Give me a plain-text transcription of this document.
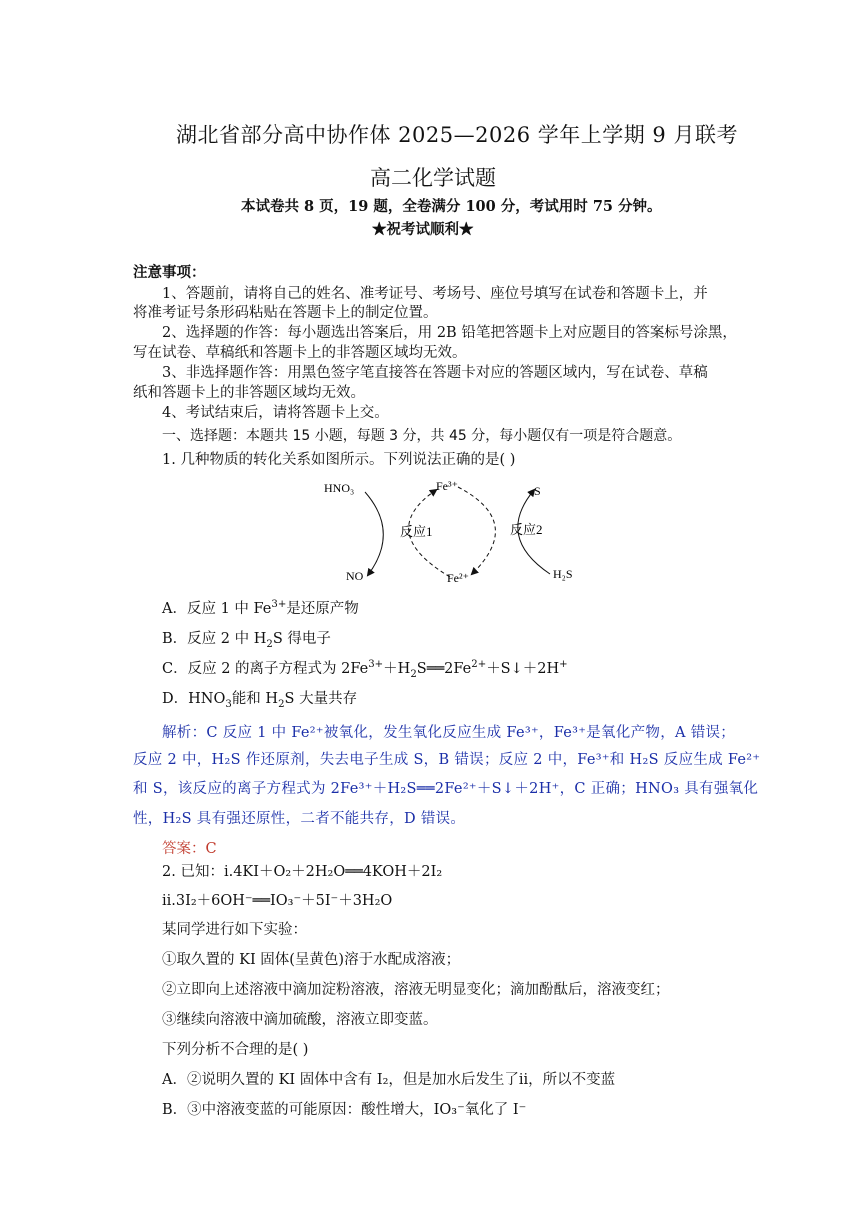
湖北省部分高中协作体 2025—2026 学年上学期 9 月联考
高二化学试题
本试卷共 8 页，19 题，全卷满分 100 分，考试用时 75 分钟。
★祝考试顺利★
注意事项：
1、答题前，请将自己的姓名、准考证号、考场号、座位号填写在试卷和答题卡上，并
将准考证号条形码粘贴在答题卡上的制定位置。
2、选择题的作答：每小题选出答案后，用 2B 铅笔把答题卡上对应题目的答案标号涂黑，
写在试卷、草稿纸和答题卡上的非答题区域均无效。
3、非选择题作答：用黑色签字笔直接答在答题卡对应的答题区域内，写在试卷、草稿
纸和答题卡上的非答题区域均无效。
4、考试结束后，请将答题卡上交。
一、选择题：本题共 15 小题，每题 3 分，共 45 分，每小题仅有一项是符合题意。
1. 几种物质的转化关系如图所示。下列说法正确的是( )
HNO₃
NO
Fe³⁺
Fe²⁺
S
H₂S
反应1	反应2
A．反应 1 中 $Fe^{3+}$是还原产物
B．反应 2 中 $H_2S$ 得电子
C．反应 2 的离子方程式为 $2Fe^{3+}+H_2S══2Fe^{2+}+S↓+2H^+$
D．$HNO_3$能和 $H_2S$ 大量共存
解析：C 反应 1 中 Fe²⁺被氧化，发生氧化反应生成 Fe³⁺，Fe³⁺是氧化产物，A 错误；
反应 2 中，H₂S 作还原剂，失去电子生成 S，B 错误；反应 2 中，Fe³⁺和 H₂S 反应生成 Fe²⁺
和 S，该反应的离子方程式为 2Fe³⁺＋H₂S══2Fe²⁺＋S↓＋2H⁺，C 正确；HNO₃ 具有强氧化
性，H₂S 具有强还原性，二者不能共存，D 错误。
答案：C
2. 已知：ⅰ.4KI＋O₂＋2H₂O══4KOH＋2I₂
ⅱ.3I₂＋6OH⁻══IO₃⁻＋5I⁻＋3H₂O
某同学进行如下实验：
①取久置的 KI 固体(呈黄色)溶于水配成溶液；
②立即向上述溶液中滴加淀粉溶液，溶液无明显变化；滴加酚酞后，溶液变红；
③继续向溶液中滴加硫酸，溶液立即变蓝。
下列分析不合理的是( )
A．②说明久置的 KI 固体中含有 I₂，但是加水后发生了ⅱ，所以不变蓝
B．③中溶液变蓝的可能原因：酸性增大，IO₃⁻氧化了 I⁻
